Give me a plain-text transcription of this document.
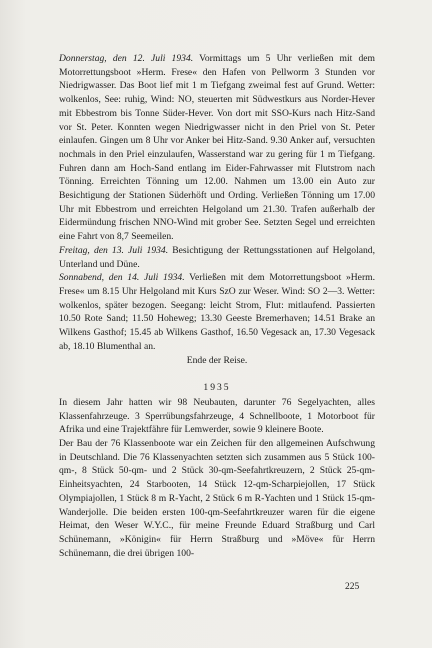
Donnerstag, den 12. Juli 1934. Vormittags um 5 Uhr verließen mit dem Motorrettungsboot »Herm. Frese« den Hafen von Pellworm 3 Stunden vor Niedrigwasser. Das Boot lief mit 1 m Tiefgang zweimal fest auf Grund. Wetter: wolkenlos, See: ruhig, Wind: NO, steuerten mit Südwestkurs aus Norder-Hever mit Ebbestrom bis Tonne Süder-Hever. Von dort mit SSO-Kurs nach Hitz-Sand vor St. Peter. Konnten wegen Niedrigwasser nicht in den Priel von St. Peter einlaufen. Gingen um 8 Uhr vor Anker bei Hitz-Sand. 9.30 Anker auf, versuchten nochmals in den Priel einzulaufen, Wasserstand war zu gering für 1 m Tiefgang. Fuhren dann am Hoch-Sand entlang im Eider-Fahrwasser mit Flutstrom nach Tönning. Erreichten Tönning um 12.00. Nahmen um 13.00 ein Auto zur Besichtigung der Stationen Süderhöft und Ording. Verließen Tönning um 17.00 Uhr mit Ebbestrom und erreichten Helgoland um 21.30. Trafen außerhalb der Eidermündung frischen NNO-Wind mit grober See. Setzten Segel und erreichten eine Fahrt von 8,7 Seemeilen.

Freitag, den 13. Juli 1934. Besichtigung der Rettungsstationen auf Helgoland, Unterland und Düne.

Sonnabend, den 14. Juli 1934. Verließen mit dem Motorrettungsboot »Herm. Frese« um 8.15 Uhr Helgoland mit Kurs SzO zur Weser. Wind: SO 2—3. Wetter: wolkenlos, später bezogen. Seegang: leicht Strom, Flut: mitlaufend. Passierten 10.50 Rote Sand; 11.50 Hoheweg; 13.30 Geeste Bremerhaven; 14.51 Brake an Wilkens Gasthof; 15.45 ab Wilkens Gasthof, 16.50 Vegesack an, 17.30 Vegesack ab, 18.10 Blumenthal an.

Ende der Reise.

1935

In diesem Jahr hatten wir 98 Neubauten, darunter 76 Segelyachten, alles Klassenfahrzeuge. 3 Sperrübungsfahrzeuge, 4 Schnellboote, 1 Motorboot für Afrika und eine Trajektfähre für Lemwerder, sowie 9 kleinere Boote.

Der Bau der 76 Klassenboote war ein Zeichen für den allgemeinen Aufschwung in Deutschland. Die 76 Klassenyachten setzten sich zusammen aus 5 Stück 100-qm-, 8 Stück 50-qm- und 2 Stück 30-qm-Seefahrtkreuzern, 2 Stück 25-qm-Einheitsyachten, 24 Starbooten, 14 Stück 12-qm-Scharpiejollen, 17 Stück Olympiajollen, 1 Stück 8 m R-Yacht, 2 Stück 6 m R-Yachten und 1 Stück 15-qm-Wanderjolle. Die beiden ersten 100-qm-Seefahrtkreuzer waren für die eigene Heimat, den Weser W.Y.C., für meine Freunde Eduard Straßburg und Carl Schünemann, »Königin« für Herrn Straßburg und »Möve« für Herrn Schünemann, die drei übrigen 100-

225
